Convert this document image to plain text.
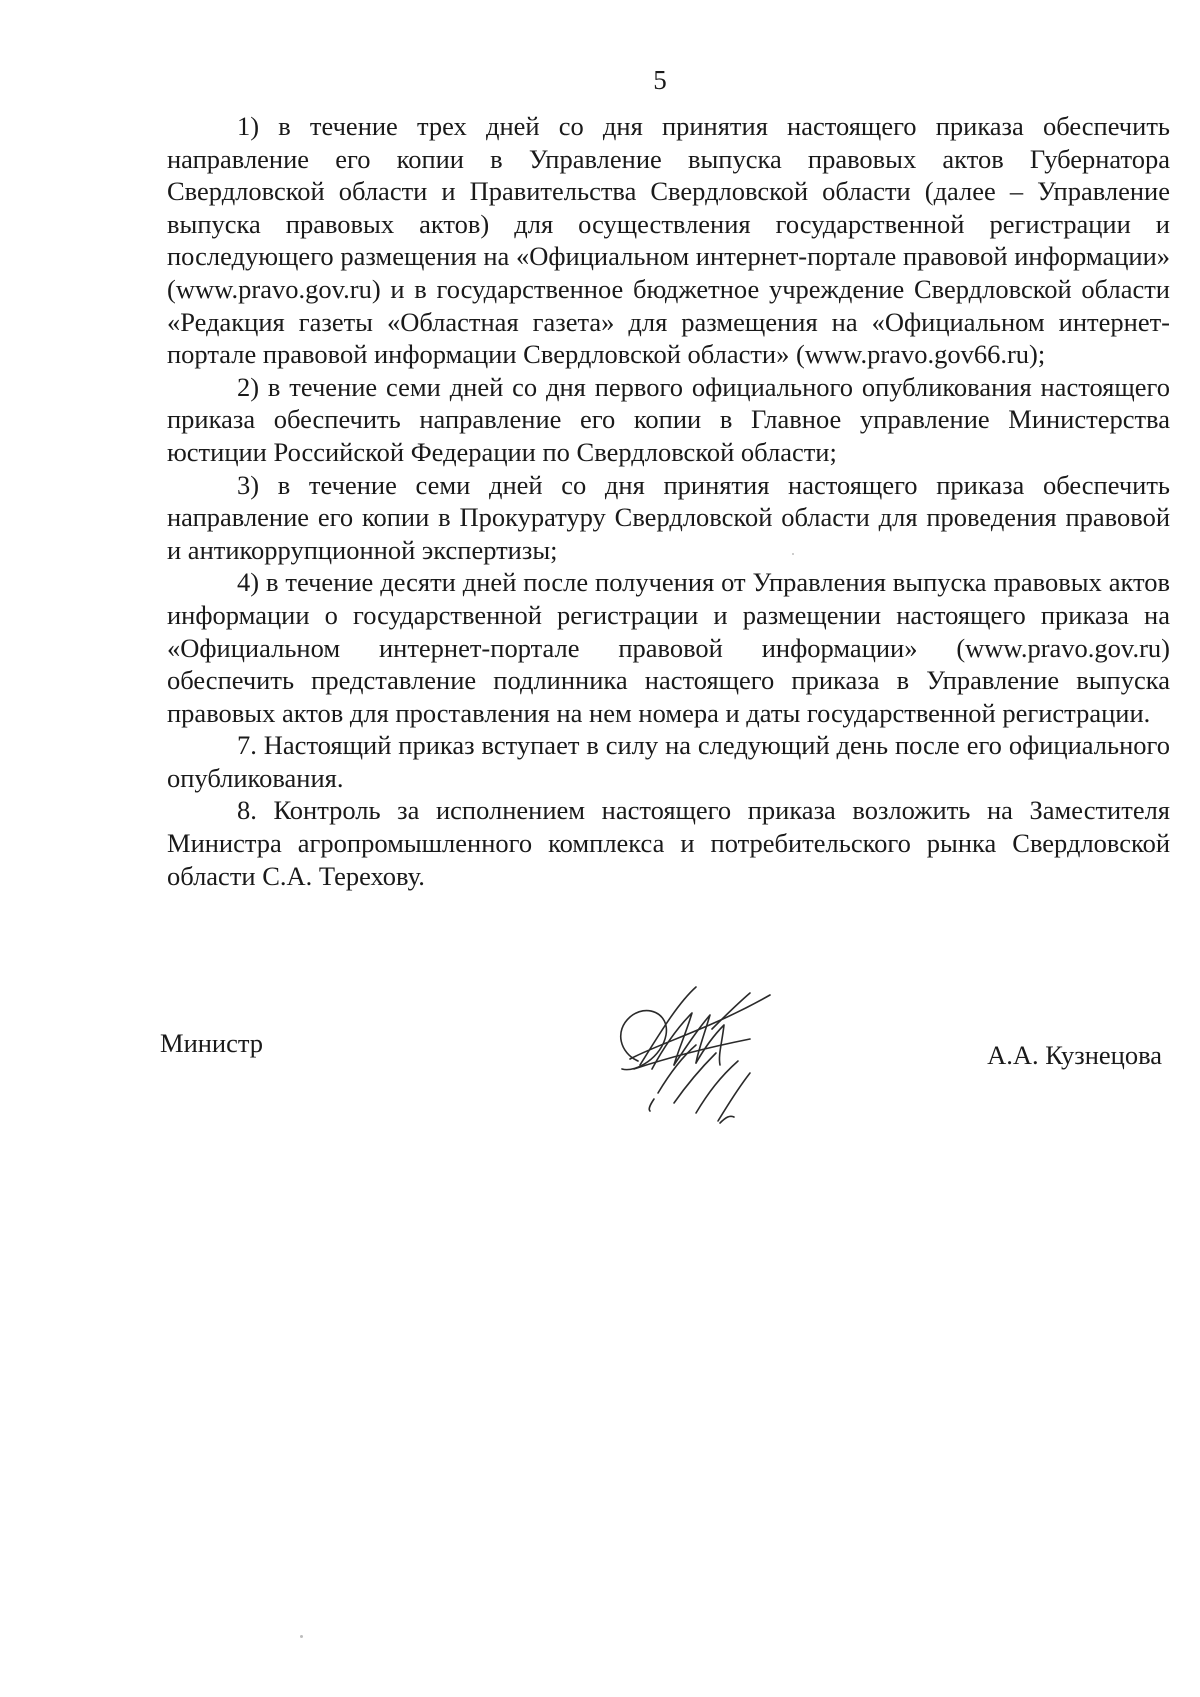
5

1) в течение трех дней со дня принятия настоящего приказа обеспечить направление его копии в Управление выпуска правовых актов Губернатора Свердловской области и Правительства Свердловской области (далее – Управление выпуска правовых актов) для осуществления государственной регистрации и последующего размещения на «Официальном интернет-портале правовой информации» (www.pravo.gov.ru) и в государственное бюджетное учреждение Свердловской области «Редакция газеты «Областная газета» для размещения на «Официальном интернет-портале правовой информации Свердловской области» (www.pravo.gov66.ru);

2) в течение семи дней со дня первого официального опубликования настоящего приказа обеспечить направление его копии в Главное управление Министерства юстиции Российской Федерации по Свердловской области;

3) в течение семи дней со дня принятия настоящего приказа обеспечить направление его копии в Прокуратуру Свердловской области для проведения правовой и антикоррупционной экспертизы;

4) в течение десяти дней после получения от Управления выпуска правовых актов информации о государственной регистрации и размещении настоящего приказа на «Официальном интернет-портале правовой информации» (www.pravo.gov.ru) обеспечить представление подлинника настоящего приказа в Управление выпуска правовых актов для проставления на нем номера и даты государственной регистрации.

7. Настоящий приказ вступает в силу на следующий день после его официального опубликования.

8. Контроль за исполнением настоящего приказа возложить на Заместителя Министра агропромышленного комплекса и потребительского рынка Свердловской области С.А. Терехову.

Министр	А.А. Кузнецова
